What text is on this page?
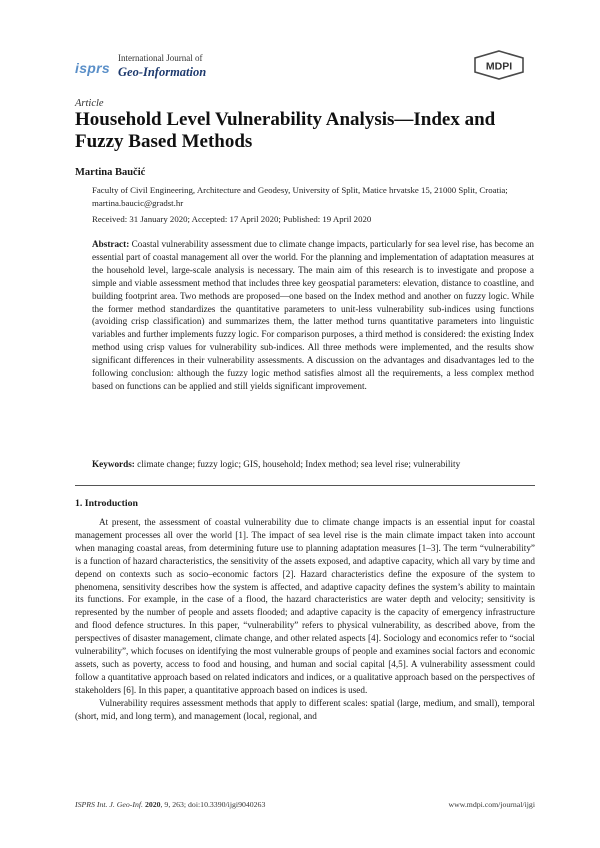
isprs
International Journal of
Geo-Information	MDPI
Article
Household Level Vulnerability Analysis—Index and Fuzzy Based Methods
Martina Baučić
Faculty of Civil Engineering, Architecture and Geodesy, University of Split, Matice hrvatske 15, 21000 Split, Croatia; martina.baucic@gradst.hr
Received: 31 January 2020; Accepted: 17 April 2020; Published: 19 April 2020
Abstract: Coastal vulnerability assessment due to climate change impacts, particularly for sea level rise, has become an essential part of coastal management all over the world. For the planning and implementation of adaptation measures at the household level, large-scale analysis is necessary. The main aim of this research is to investigate and propose a simple and viable assessment method that includes three key geospatial parameters: elevation, distance to coastline, and building footprint area. Two methods are proposed—one based on the Index method and another on fuzzy logic. While the former method standardizes the quantitative parameters to unit-less vulnerability sub-indices using functions (avoiding crisp classification) and summarizes them, the latter method turns quantitative parameters into linguistic variables and further implements fuzzy logic. For comparison purposes, a third method is considered: the existing Index method using crisp values for vulnerability sub-indices. All three methods were implemented, and the results show significant differences in their vulnerability assessments. A discussion on the advantages and disadvantages led to the following conclusion: although the fuzzy logic method satisfies almost all the requirements, a less complex method based on functions can be applied and still yields significant improvement.
Keywords: climate change; fuzzy logic; GIS, household; Index method; sea level rise; vulnerability
1. Introduction

At present, the assessment of coastal vulnerability due to climate change impacts is an essential input for coastal management processes all over the world [1]. The impact of sea level rise is the main climate impact taken into account when managing coastal areas, from determining future use to planning adaptation measures [1–3]. The term “vulnerability” is a function of hazard characteristics, the sensitivity of the assets exposed, and adaptive capacity, which all vary by time and depend on contexts such as socio–economic factors [2]. Hazard characteristics define the exposure of the system to phenomena, sensitivity describes how the system is affected, and adaptive capacity defines the system’s ability to maintain its functions. For example, in the case of a flood, the hazard characteristics are water depth and velocity; sensitivity is represented by the number of people and assets flooded; and adaptive capacity is the capacity of emergency infrastructure and flood defence structures. In this paper, “vulnerability” refers to physical vulnerability, as described above, from the perspectives of disaster management, climate change, and other related aspects [4]. Sociology and economics refer to “social vulnerability”, which focuses on identifying the most vulnerable groups of people and examines social factors and economic assets, such as poverty, access to food and housing, and human and social capital [4,5]. A vulnerability assessment could follow a quantitative approach based on related indicators and indices, or a qualitative approach based on the perspectives of stakeholders [6]. In this paper, a quantitative approach based on indices is used.

Vulnerability requires assessment methods that apply to different scales: spatial (large, medium, and small), temporal (short, mid, and long term), and management (local, regional, and

ISPRS Int. J. Geo-Inf. 2020, 9, 263; doi:10.3390/ijgi9040263	www.mdpi.com/journal/ijgi
